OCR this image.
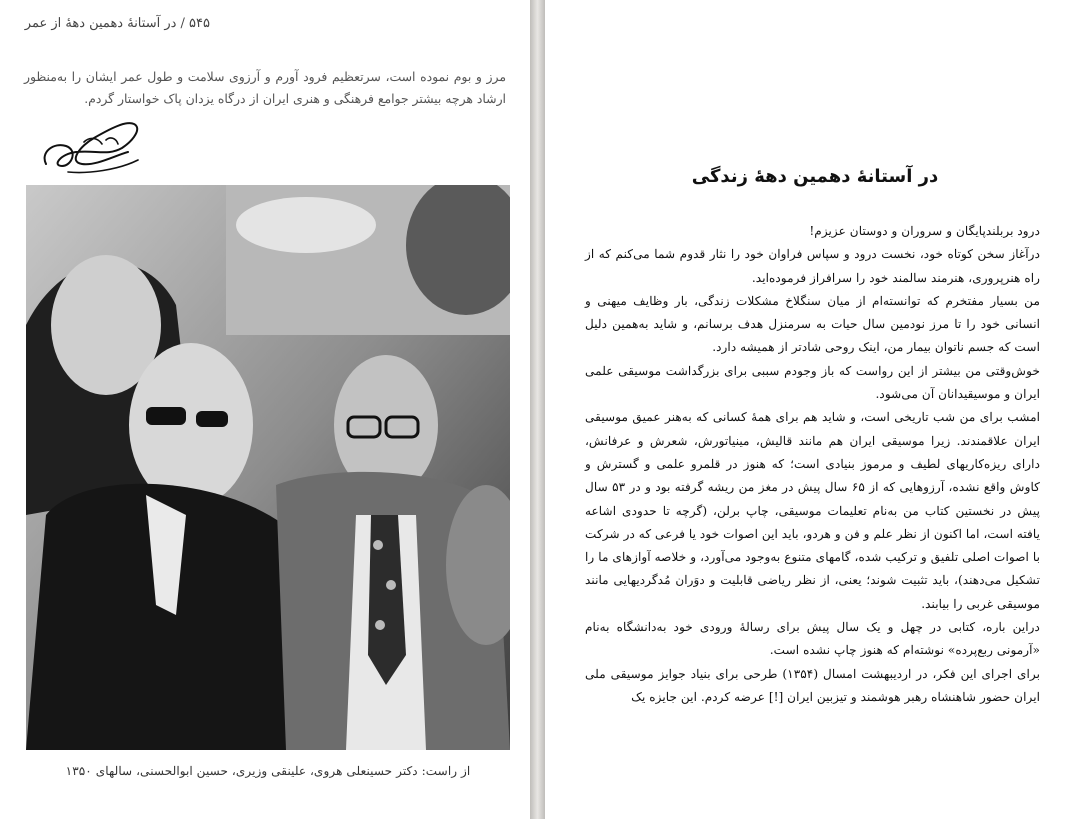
۵۴۵ / در آستانهٔ دهمین دههٔ از عمر
مرز و بوم نموده است، سرتعظیم فرود آورم و آرزوی سلامت و طول عمر ایشان را به‌منظور ارشاد هرچه بیشتر جوامع فرهنگی و هنری ایران از درگاه یزدان پاک خواستار گردم.
از راست: دکتر حسینعلی هروی، علینقی وزیری، حسین ابوالحسنی، سالهای ۱۳۵۰
در آستانهٔ دهمین دههٔ زندگی

درود بربلندپایگان و سروران و دوستان عزیزم!

درآغاز سخن کوتاه خود، نخست درود و سپاس فراوان خود را نثار قدوم شما می‌کنم که از راه هنرپروری، هنرمند سالمند خود را سرافراز فرموده‌اید.

من بسیار مفتخرم که توانسته‌ام از میان سنگلاخ مشکلات زندگی، بار وظایف میهنی و انسانی خود را تا مرز نودمین سال حیات به سرمنزل هدف برسانم، و شاید به‌همین دلیل است که جسم ناتوان بیمار من، اینک روحی شادتر از همیشه دارد.

خوش‌وقتی من بیشتر از این رواست که باز وجودم سببی برای بزرگداشت موسیقی علمی ایران و موسیقیدانان آن می‌شود.

امشب برای من شب تاریخی است، و شاید هم برای همهٔ کسانی که به‌هنر عمیق موسیقی ایران علاقمندند. زیرا موسیقی ایران هم مانند قالیش، مینیاتورش، شعرش و عرفانش، دارای ریزه‌کاریهای لطیف و مرموز بنیادی است؛ که هنوز در قلمرو علمی و گسترش و کاوش واقع نشده، آرزوهایی که از ۶۵ سال پیش در مغز من ریشه گرفته بود و در ۵۳ سال پیش در نخستین کتاب من به‌نام تعلیمات موسیقی، چاپ برلن، (گرچه تا حدودی اشاعه یافته است، اما اکنون از نظر علم و فن و هردو، باید این اصوات خود یا فرعی که در شرکت با اصوات اصلی تلفیق و ترکیب شده، گامهای متنوع به‌وجود می‌آورد، و خلاصه آوازهای ما را تشکیل می‌دهند)، باید تثبیت شوند؛ یعنی، از نظر ریاضی قابلیت و دوَران مُدگردیهایی مانند موسیقی غربی را بیابند.

دراین باره، کتابی در چهل و یک سال پیش برای رسالهٔ ورودی خود به‌دانشگاه به‌نام «آرمونی ربع‌پرده» نوشته‌ام که هنوز چاپ نشده است.

برای اجرای این فکر، در اردیبهشت امسال (۱۳۵۴) طرحی برای بنیاد جوایز موسیقی ملی ایران حضور شاهنشاه رهبر هوشمند و تیزبین ایران [!] عرضه کردم. این جایزه یک
